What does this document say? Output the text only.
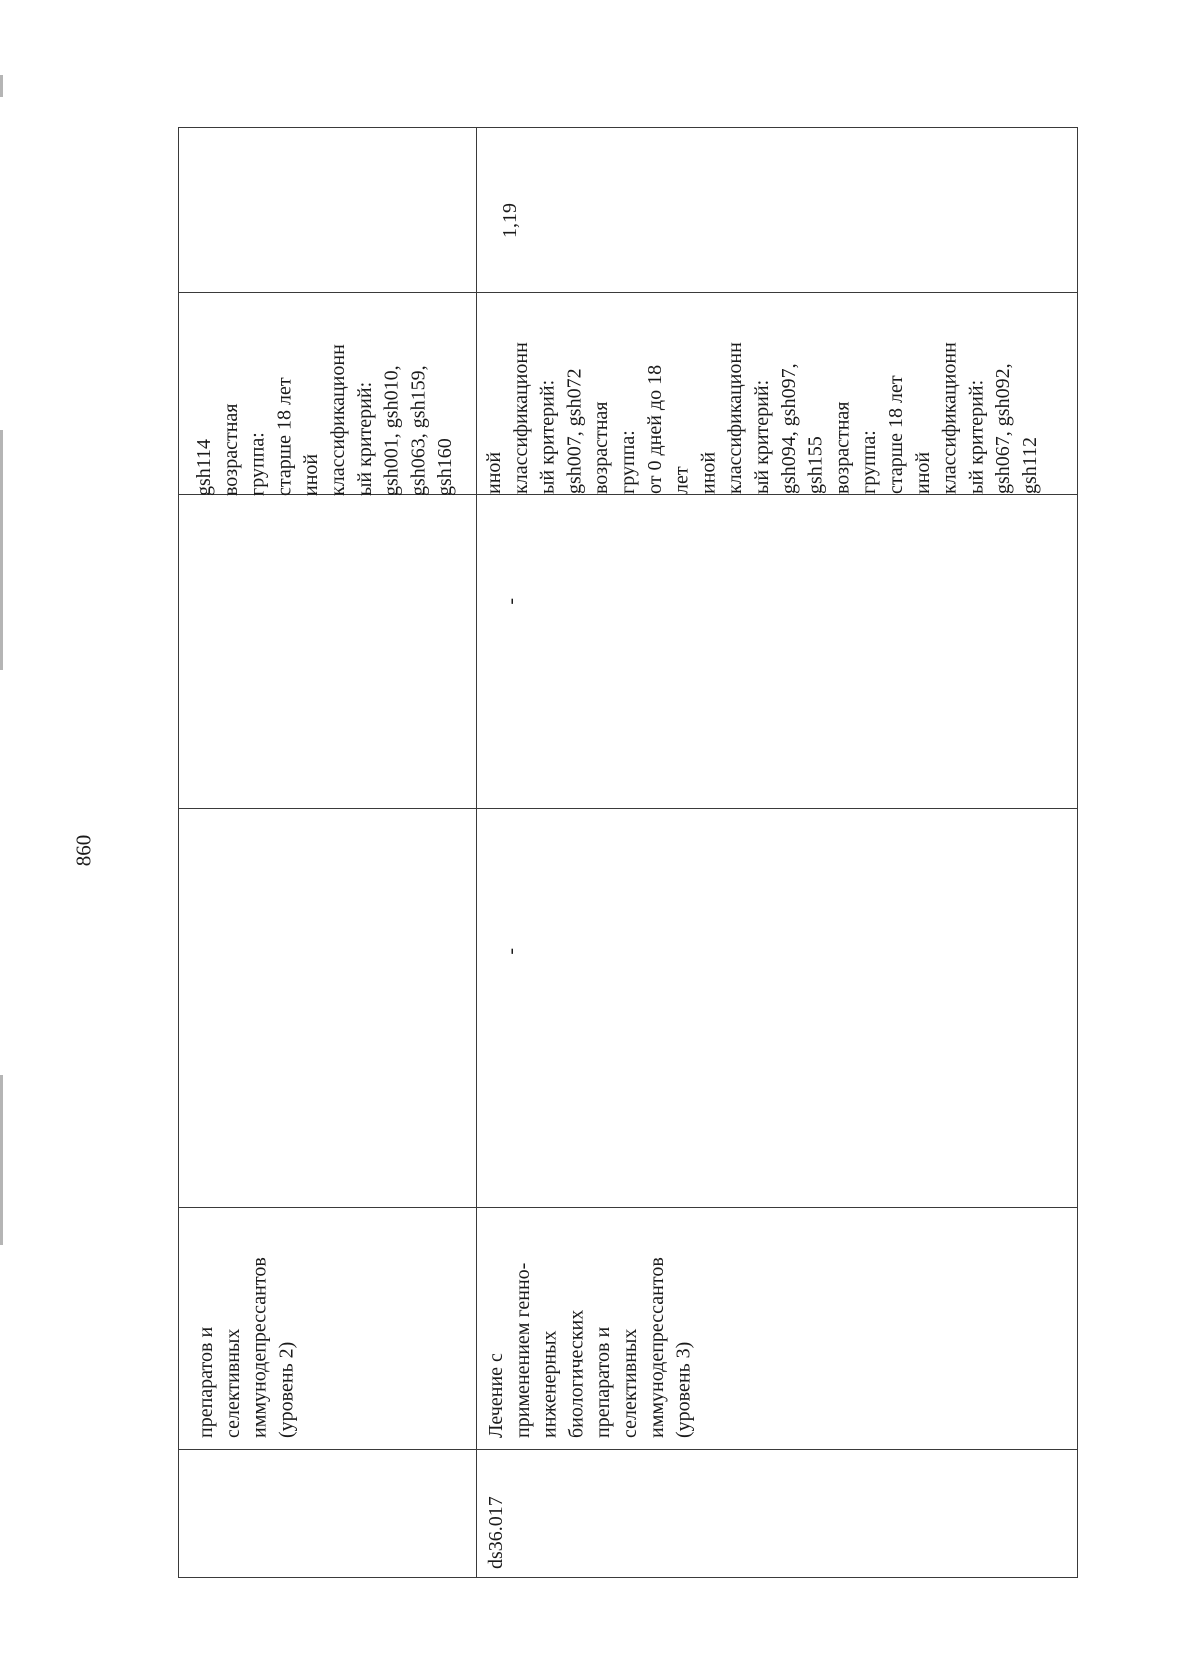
860
препаратов и селективных иммунодепрессантов (уровень 2)
gsh114 возрастная группа: старше 18 лет иной классификационн ый критерий: gsh001, gsh010, gsh063, gsh159, gsh160
ds36.017
Лечение с применением генно- инженерных биологических препаратов и селективных иммунодепрессантов (уровень 3)
-
-
иной классификационн ый критерий: gsh007, gsh072 возрастная группа: от 0 дней до 18 лет иной классификационн ый критерий: gsh094, gsh097, gsh155 возрастная группа: старше 18 лет иной классификационн ый критерий: gsh067, gsh092, gsh112
1,19
